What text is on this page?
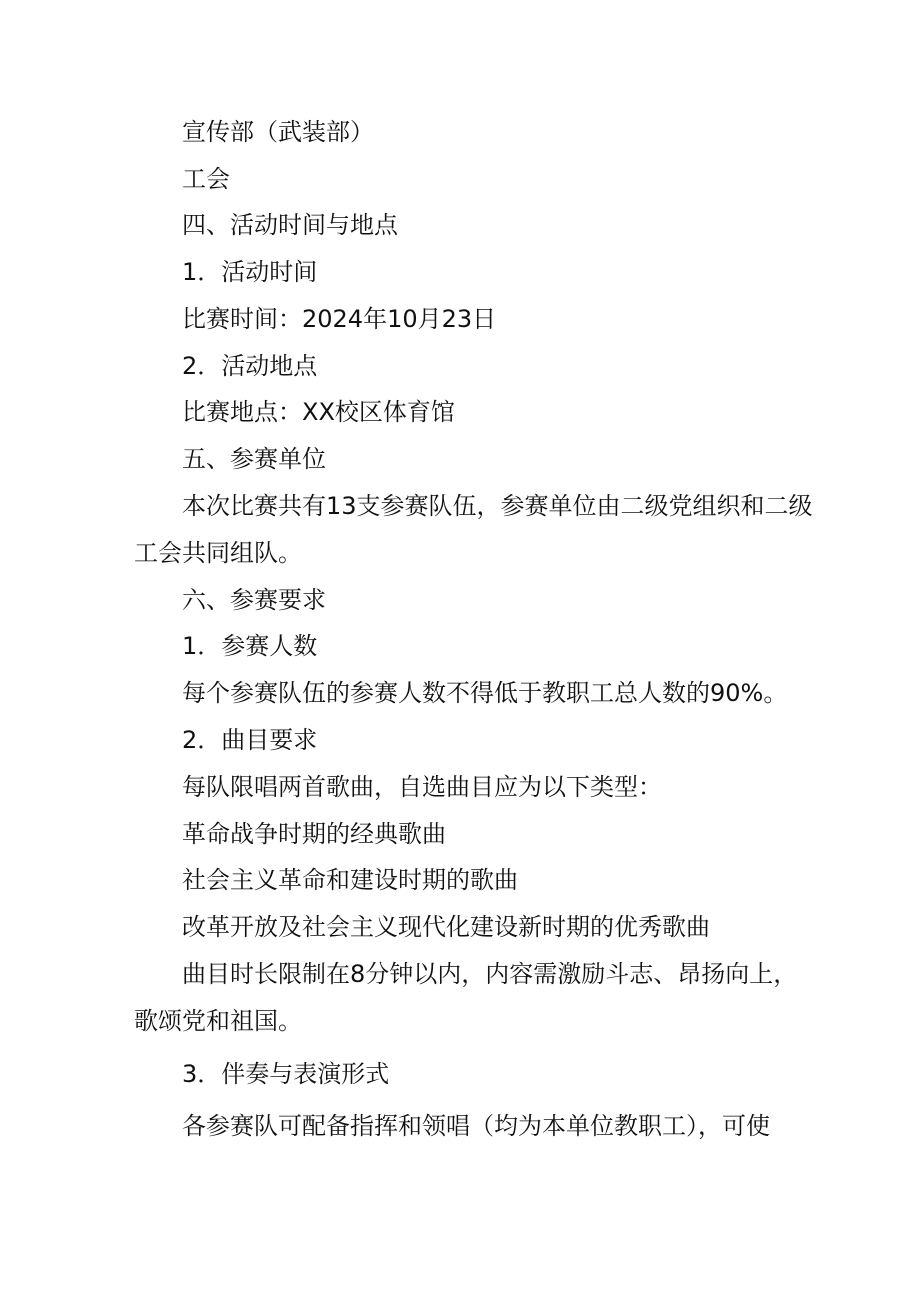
宣传部（武装部）
工会
四、活动时间与地点
1．活动时间
比赛时间：2024年10月23日
2．活动地点
比赛地点：XX校区体育馆
五、参赛单位
本次比赛共有13支参赛队伍，参赛单位由二级党组织和二级
工会共同组队。
六、参赛要求
1．参赛人数
每个参赛队伍的参赛人数不得低于教职工总人数的90%。
2．曲目要求
每队限唱两首歌曲，自选曲目应为以下类型：
革命战争时期的经典歌曲
社会主义革命和建设时期的歌曲
改革开放及社会主义现代化建设新时期的优秀歌曲
曲目时长限制在8分钟以内，内容需激励斗志、昂扬向上，
歌颂党和祖国。
3．伴奏与表演形式
各参赛队可配备指挥和领唱（均为本单位教职工），可使
